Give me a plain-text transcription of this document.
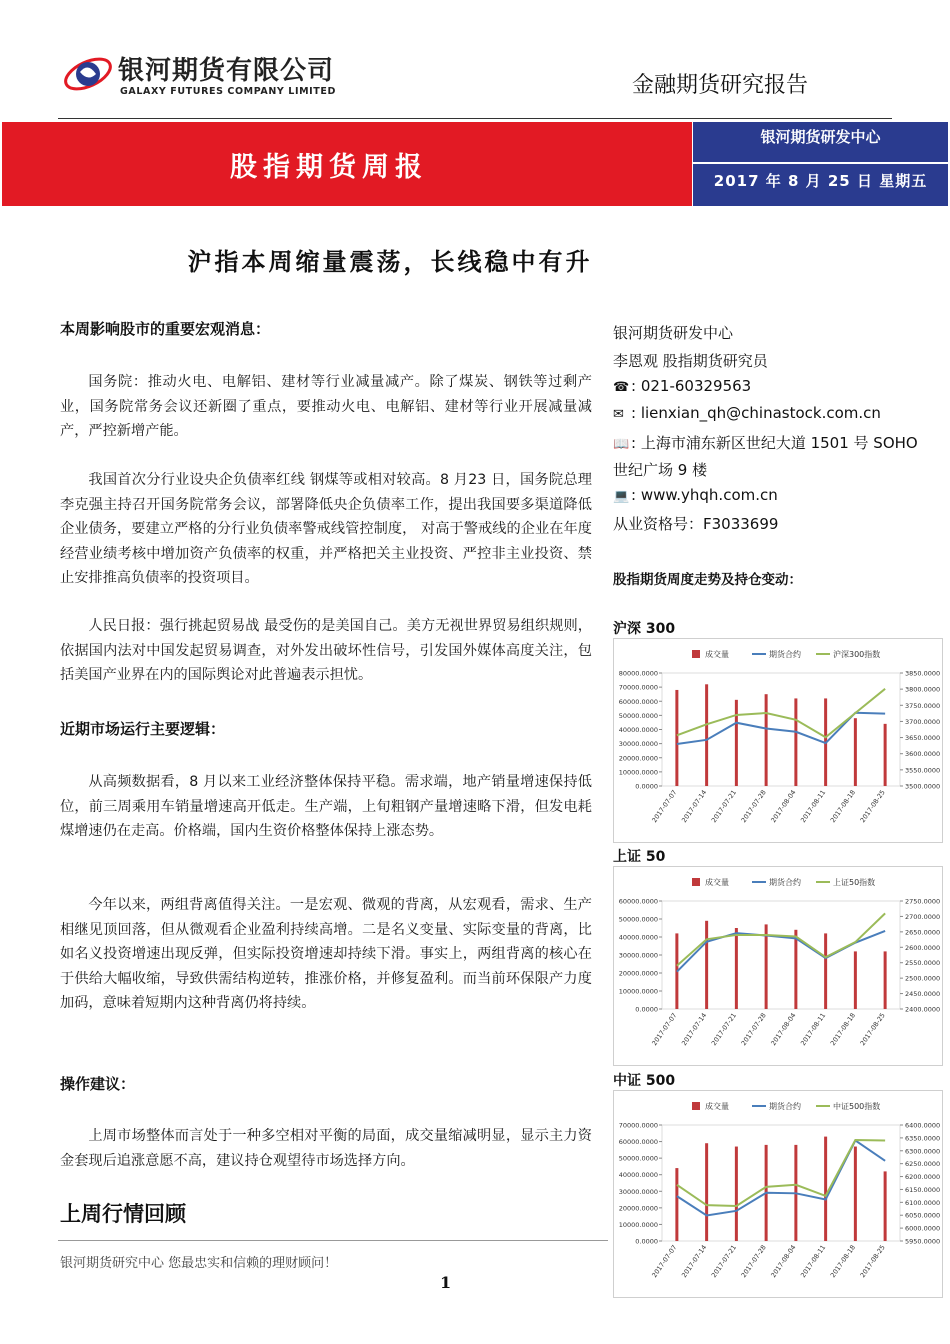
银河期货有限公司
GALAXY FUTURES COMPANY LIMITED	金融期货研究报告
股指期货周报
银河期货研发中心
2017 年 8 月 25 日 星期五
沪指本周缩量震荡，长线稳中有升
本周影响股市的重要宏观消息：
国务院：推动火电、电解铝、建材等行业减量减产。除了煤炭、钢铁等过剩产业，国务院常务会议还新圈了重点，要推动火电、电解铝、建材等行业开展减量减产，严控新增产能。
我国首次分行业设央企负债率红线 钢煤等或相对较高。8 月23 日，国务院总理李克强主持召开国务院常务会议，部署降低央企负债率工作，提出我国要多渠道降低企业债务，要建立严格的分行业负债率警戒线管控制度， 对高于警戒线的企业在年度经营业绩考核中增加资产负债率的权重，并严格把关主业投资、严控非主业投资、禁止安排推高负债率的投资项目。
人民日报：强行挑起贸易战 最受伤的是美国自己。美方无视世界贸易组织规则，依据国内法对中国发起贸易调查，对外发出破坏性信号，引发国外媒体高度关注，包括美国产业界在内的国际舆论对此普遍表示担忧。
近期市场运行主要逻辑：
从高频数据看，8 月以来工业经济整体保持平稳。需求端，地产销量增速保持低位，前三周乘用车销量增速高开低走。生产端，上旬粗钢产量增速略下滑，但发电耗煤增速仍在走高。价格端，国内生资价格整体保持上涨态势。
今年以来，两组背离值得关注。一是宏观、微观的背离，从宏观看，需求、生产相继见顶回落，但从微观看企业盈利持续高增。二是名义变量、实际变量的背离，比如名义投资增速出现反弹，但实际投资增速却持续下滑。事实上，两组背离的核心在于供给大幅收缩，导致供需结构逆转，推涨价格，并修复盈利。而当前环保限产力度加码，意味着短期内这种背离仍将持续。
操作建议：
上周市场整体而言处于一种多空相对平衡的局面，成交量缩减明显，显示主力资金套现后追涨意愿不高，建议持仓观望待市场选择方向。
上周行情回顾
银河期货研究中心 您最忠实和信赖的理财顾问！
1
银河期货研发中心
李恩观 股指期货研究员
☎ : 021-60329563
✉ : lienxian_qh@chinastock.com.cn
📖 : 上海市浦东新区世纪大道 1501 号 SOHO
世纪广场 9 楼
💻 : www.yhqh.com.cn
从业资格号：F3033699
股指期货周度走势及持仓变动：
沪深 300
成交量	期货合约	沪深300指数
0.0000
10000.0000
20000.0000
30000.0000
40000.0000
50000.0000
60000.0000
70000.0000
80000.0000
3500.0000
3550.0000
3600.0000
3650.0000
3700.0000
3750.0000
3800.0000
3850.0000
2017-07-07 2017-07-14 2017-07-21 2017-07-28 2017-08-04 2017-08-11 2017-08-18 2017-08-25
上证 50
成交量	期货合约	上证50指数
0.0000
10000.0000
20000.0000
30000.0000
40000.0000
50000.0000
60000.0000
2400.0000
2450.0000
2500.0000
2550.0000
2600.0000
2650.0000
2700.0000
2750.0000
2017-07-07 2017-07-14 2017-07-21 2017-07-28 2017-08-04 2017-08-11 2017-08-18 2017-08-25
中证 500
成交量	期货合约	中证500指数
0.0000
10000.0000
20000.0000
30000.0000
40000.0000
50000.0000
60000.0000
70000.0000
5950.0000
6000.0000
6050.0000
6100.0000
6150.0000
6200.0000
6250.0000
6300.0000
6350.0000
6400.0000
2017-07-07 2017-07-14 2017-07-21 2017-07-28 2017-08-04 2017-08-11 2017-08-18 2017-08-25
